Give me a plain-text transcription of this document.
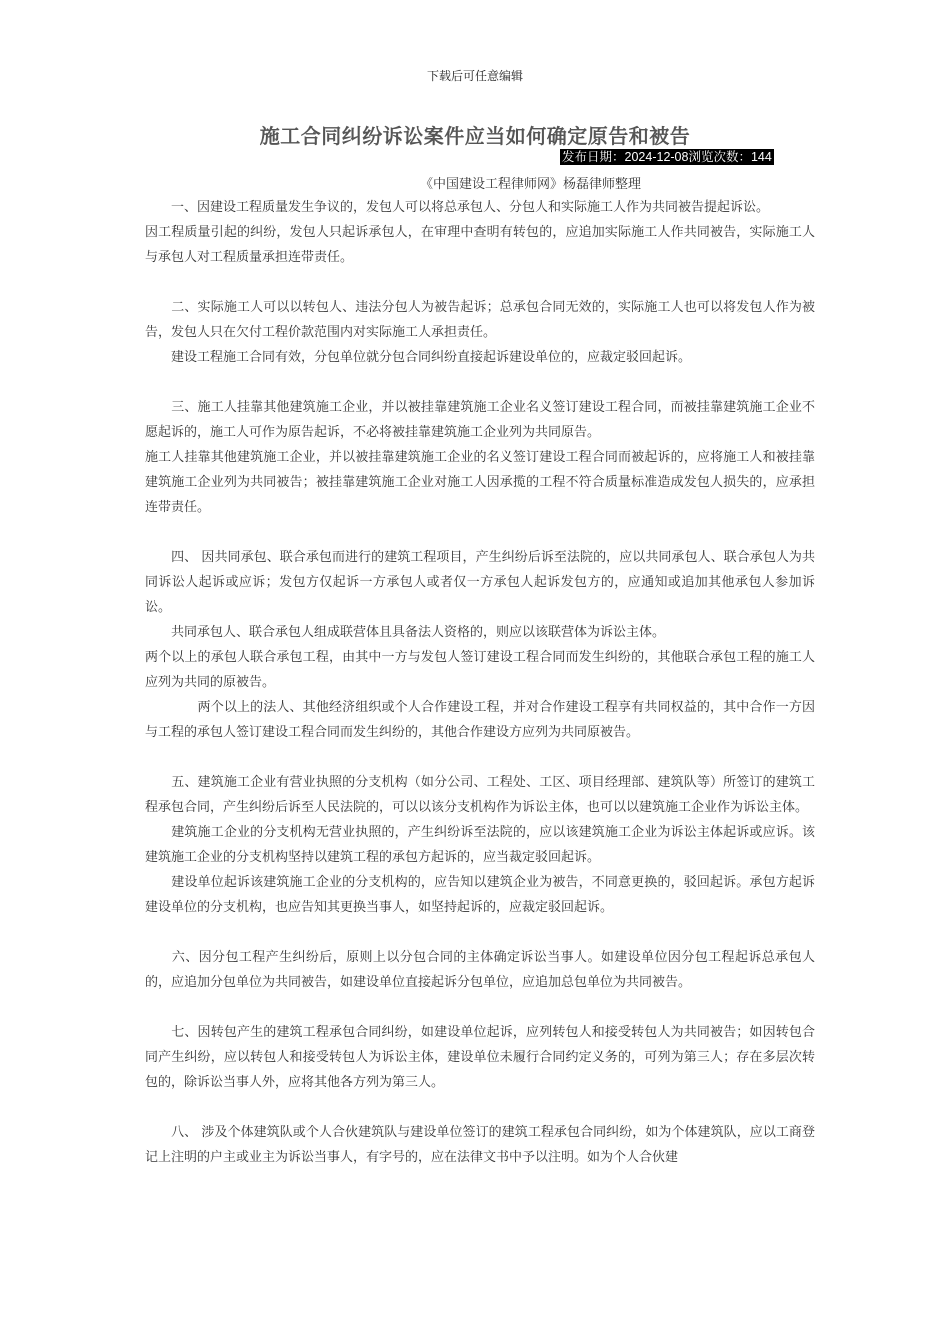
下载后可任意编辑
施工合同纠纷诉讼案件应当如何确定原告和被告
发布日期：2024-12-08浏览次数：144
《中国建设工程律师网》杨磊律师整理

　　一、因建设工程质量发生争议的，发包人可以将总承包人、分包人和实际施工人作为共同被告提起诉讼。

因工程质量引起的纠纷，发包人只起诉承包人，在审理中查明有转包的，应追加实际施工人作共同被告，实际施工人与承包人对工程质量承担连带责任。

　　二、实际施工人可以以转包人、违法分包人为被告起诉；总承包合同无效的，实际施工人也可以将发包人作为被告，发包人只在欠付工程价款范围内对实际施工人承担责任。

　　建设工程施工合同有效，分包单位就分包合同纠纷直接起诉建设单位的，应裁定驳回起诉。

　　三、施工人挂靠其他建筑施工企业，并以被挂靠建筑施工企业名义签订建设工程合同，而被挂靠建筑施工企业不愿起诉的，施工人可作为原告起诉，不必将被挂靠建筑施工企业列为共同原告。

施工人挂靠其他建筑施工企业，并以被挂靠建筑施工企业的名义签订建设工程合同而被起诉的，应将施工人和被挂靠建筑施工企业列为共同被告；被挂靠建筑施工企业对施工人因承揽的工程不符合质量标准造成发包人损失的，应承担连带责任。

　　四、 因共同承包、联合承包而进行的建筑工程项目，产生纠纷后诉至法院的，应以共同承包人、联合承包人为共同诉讼人起诉或应诉；发包方仅起诉一方承包人或者仅一方承包人起诉发包方的，应通知或追加其他承包人参加诉讼。

　　共同承包人、联合承包人组成联营体且具备法人资格的，则应以该联营体为诉讼主体。

两个以上的承包人联合承包工程，由其中一方与发包人签订建设工程合同而发生纠纷的，其他联合承包工程的施工人应列为共同的原被告。

　　　　两个以上的法人、其他经济组织或个人合作建设工程，并对合作建设工程享有共同权益的，其中合作一方因与工程的承包人签订建设工程合同而发生纠纷的，其他合作建设方应列为共同原被告。

　　五、建筑施工企业有营业执照的分支机构（如分公司、工程处、工区、项目经理部、建筑队等）所签订的建筑工程承包合同，产生纠纷后诉至人民法院的，可以以该分支机构作为诉讼主体，也可以以建筑施工企业作为诉讼主体。

　　建筑施工企业的分支机构无营业执照的，产生纠纷诉至法院的，应以该建筑施工企业为诉讼主体起诉或应诉。该建筑施工企业的分支机构坚持以建筑工程的承包方起诉的，应当裁定驳回起诉。

　　建设单位起诉该建筑施工企业的分支机构的，应告知以建筑企业为被告，不同意更换的，驳回起诉。承包方起诉建设单位的分支机构，也应告知其更换当事人，如坚持起诉的，应裁定驳回起诉。

　　六、因分包工程产生纠纷后，原则上以分包合同的主体确定诉讼当事人。如建设单位因分包工程起诉总承包人的，应追加分包单位为共同被告，如建设单位直接起诉分包单位，应追加总包单位为共同被告。

　　七、因转包产生的建筑工程承包合同纠纷，如建设单位起诉，应列转包人和接受转包人为共同被告；如因转包合同产生纠纷，应以转包人和接受转包人为诉讼主体，建设单位未履行合同约定义务的，可列为第三人；存在多层次转包的，除诉讼当事人外，应将其他各方列为第三人。

　　八、 涉及个体建筑队或个人合伙建筑队与建设单位签订的建筑工程承包合同纠纷，如为个体建筑队，应以工商登记上注明的户主或业主为诉讼当事人，有字号的，应在法律文书中予以注明。如为个人合伙建
